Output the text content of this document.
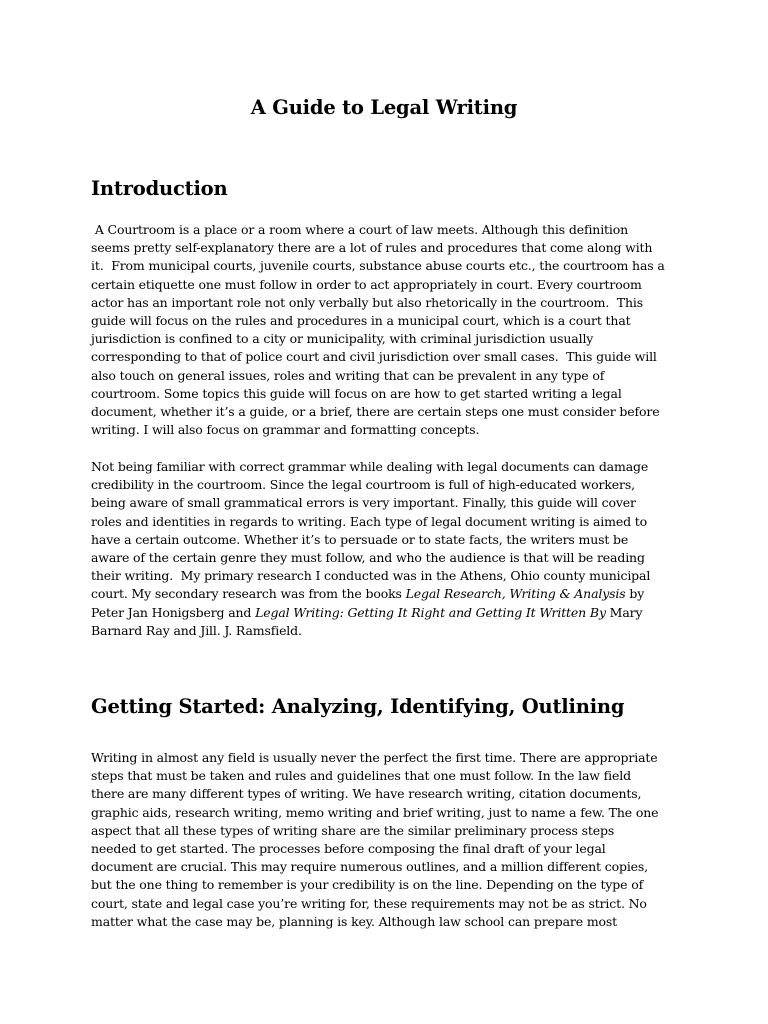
A Guide to Legal Writing
Introduction
A Courtroom is a place or a room where a court of law meets. Although this definition
seems pretty self-explanatory there are a lot of rules and procedures that come along with
it.  From municipal courts, juvenile courts, substance abuse courts etc., the courtroom has a
certain etiquette one must follow in order to act appropriately in court. Every courtroom
actor has an important role not only verbally but also rhetorically in the courtroom.  This
guide will focus on the rules and procedures in a municipal court, which is a court that
jurisdiction is confined to a city or municipality, with criminal jurisdiction usually
corresponding to that of police court and civil jurisdiction over small cases.  This guide will
also touch on general issues, roles and writing that can be prevalent in any type of
courtroom. Some topics this guide will focus on are how to get started writing a legal
document, whether it’s a guide, or a brief, there are certain steps one must consider before
writing. I will also focus on grammar and formatting concepts.
Not being familiar with correct grammar while dealing with legal documents can damage
credibility in the courtroom. Since the legal courtroom is full of high-educated workers,
being aware of small grammatical errors is very important. Finally, this guide will cover
roles and identities in regards to writing. Each type of legal document writing is aimed to
have a certain outcome. Whether it’s to persuade or to state facts, the writers must be
aware of the certain genre they must follow, and who the audience is that will be reading
their writing.  My primary research I conducted was in the Athens, Ohio county municipal
court. My secondary research was from the books Legal Research, Writing & Analysis by
Peter Jan Honigsberg and Legal Writing: Getting It Right and Getting It Written By Mary
Barnard Ray and Jill. J. Ramsfield.
Getting Started: Analyzing, Identifying, Outlining
Writing in almost any field is usually never the perfect the first time. There are appropriate
steps that must be taken and rules and guidelines that one must follow. In the law field
there are many different types of writing. We have research writing, citation documents,
graphic aids, research writing, memo writing and brief writing, just to name a few. The one
aspect that all these types of writing share are the similar preliminary process steps
needed to get started. The processes before composing the final draft of your legal
document are crucial. This may require numerous outlines, and a million different copies,
but the one thing to remember is your credibility is on the line. Depending on the type of
court, state and legal case you’re writing for, these requirements may not be as strict. No
matter what the case may be, planning is key. Although law school can prepare most
